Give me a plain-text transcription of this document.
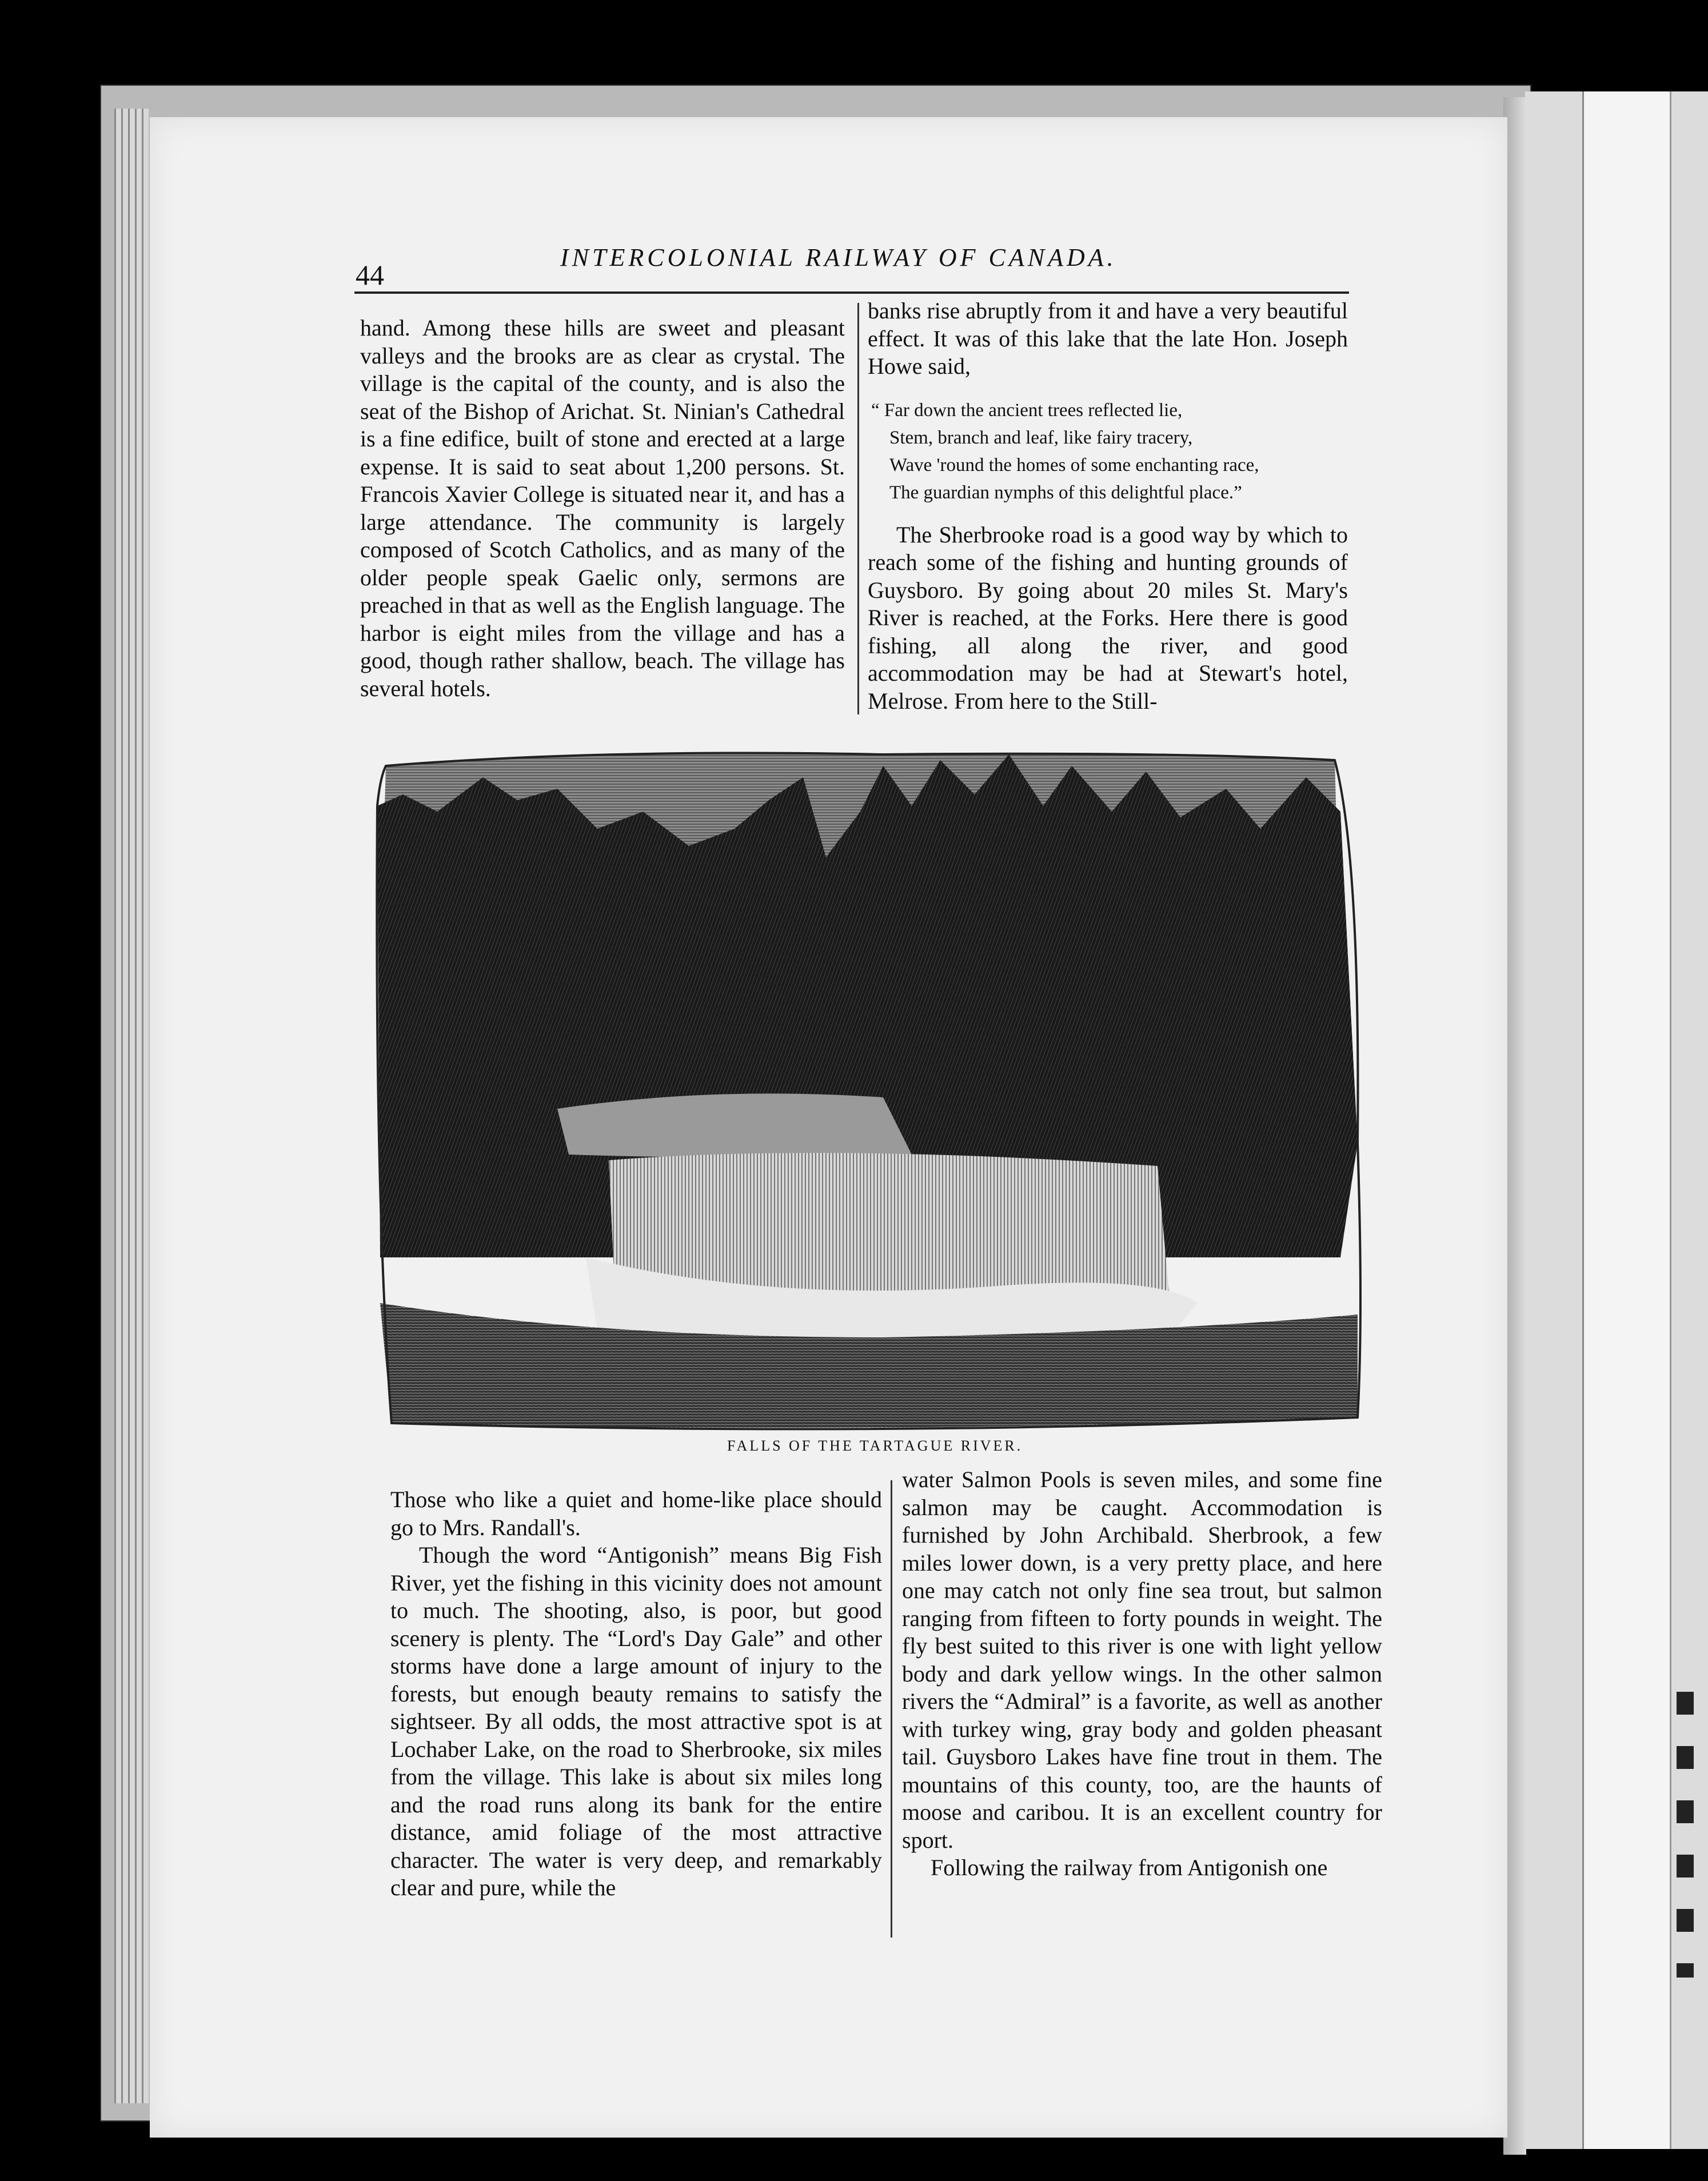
44
INTERCOLONIAL RAILWAY OF CANADA.

hand. Among these hills are sweet and pleasant valleys and the brooks are as clear as crystal. The village is the capital of the county, and is also the seat of the Bishop of Arichat. St. Ninian's Cathedral is a fine edifice, built of stone and erected at a large expense. It is said to seat about 1,200 persons. St. Francois Xavier College is situated near it, and has a large attendance. The community is largely composed of Scotch Catholics, and as many of the older people speak Gaelic only, sermons are preached in that as well as the English language. The harbor is eight miles from the village and has a good, though rather shallow, beach. The village has several hotels.

banks rise abruptly from it and have a very beautiful effect. It was of this lake that the late Hon. Joseph Howe said,

“ Far down the ancient trees reflected lie,
Stem, branch and leaf, like fairy tracery,
Wave 'round the homes of some enchanting race,
The guardian nymphs of this delightful place.”

The Sherbrooke road is a good way by which to reach some of the fishing and hunting grounds of Guysboro. By going about 20 miles St. Mary's River is reached, at the Forks. Here there is good fishing, all along the river, and good accommodation may be had at Stewart's hotel, Melrose. From here to the Still-

FALLS OF THE TARTAGUE RIVER.

Those who like a quiet and home-like place should go to Mrs. Randall's.

Though the word “Antigonish” means Big Fish River, yet the fishing in this vicinity does not amount to much. The shooting, also, is poor, but good scenery is plenty. The “Lord's Day Gale” and other storms have done a large amount of injury to the forests, but enough beauty remains to satisfy the sightseer. By all odds, the most attractive spot is at Lochaber Lake, on the road to Sherbrooke, six miles from the village. This lake is about six miles long and the road runs along its bank for the entire distance, amid foliage of the most attractive character. The water is very deep, and remarkably clear and pure, while the

water Salmon Pools is seven miles, and some fine salmon may be caught. Accommodation is furnished by John Archibald. Sherbrook, a few miles lower down, is a very pretty place, and here one may catch not only fine sea trout, but salmon ranging from fifteen to forty pounds in weight. The fly best suited to this river is one with light yellow body and dark yellow wings. In the other salmon rivers the “Admiral” is a favorite, as well as another with turkey wing, gray body and golden pheasant tail. Guysboro Lakes have fine trout in them. The mountains of this county, too, are the haunts of moose and caribou. It is an excellent country for sport.

Following the railway from Antigonish one
